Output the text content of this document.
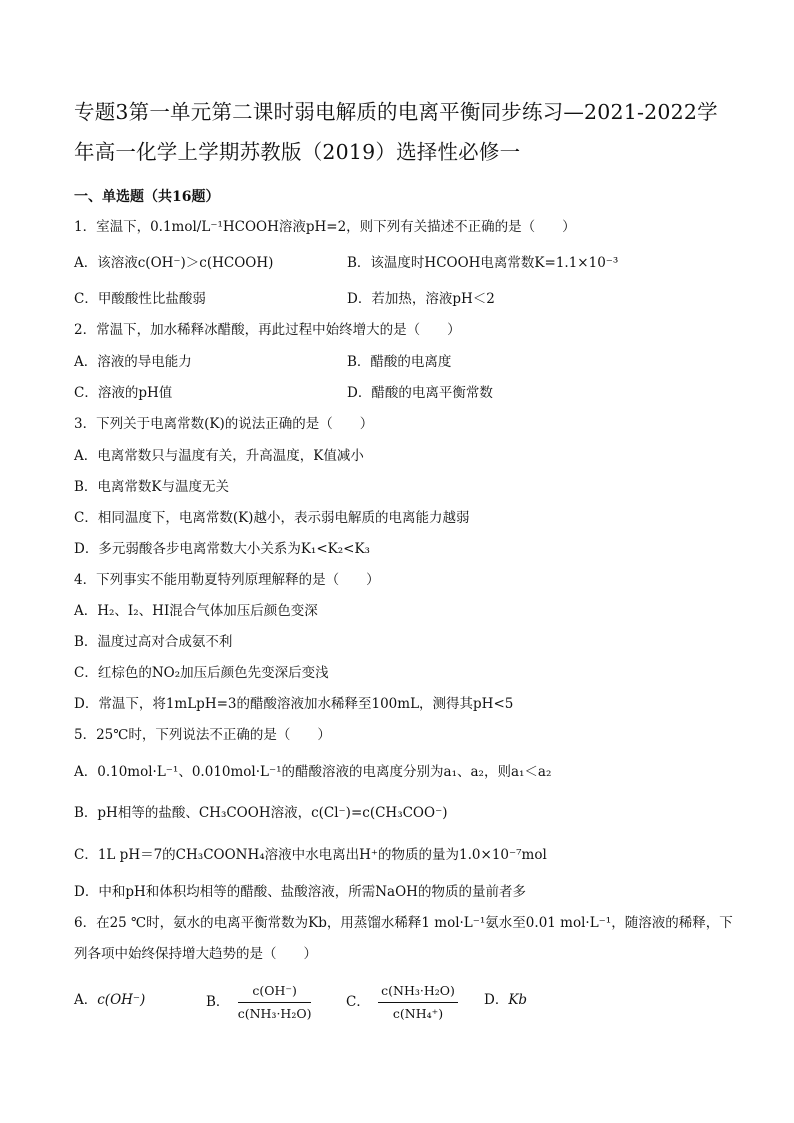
专题3第一单元第二课时弱电解质的电离平衡同步练习—2021-2022学
年高一化学上学期苏教版（2019）选择性必修一
一、单选题（共16题）
1．室温下，0.1mol/L⁻¹HCOOH溶液pH=2，则下列有关描述不正确的是（　　）
A．该溶液c(OH⁻)＞c(HCOOH)	B．该温度时HCOOH电离常数K=1.1×10⁻³
C．甲酸酸性比盐酸弱	D．若加热，溶液pH＜2
2．常温下，加水稀释冰醋酸，再此过程中始终增大的是（　　）
A．溶液的导电能力	B．醋酸的电离度
C．溶液的pH值	D．醋酸的电离平衡常数
3．下列关于电离常数(K)的说法正确的是（　　）
A．电离常数只与温度有关，升高温度，K值减小
B．电离常数K与温度无关
C．相同温度下，电离常数(K)越小，表示弱电解质的电离能力越弱
D．多元弱酸各步电离常数大小关系为K₁<K₂<K₃
4．下列事实不能用勒夏特列原理解释的是（　　）
A．H₂、I₂、HI混合气体加压后颜色变深
B．温度过高对合成氨不利
C．红棕色的NO₂加压后颜色先变深后变浅
D．常温下，将1mLpH=3的醋酸溶液加水稀释至100mL，测得其pH<5
5．25℃时，下列说法不正确的是（　　）
A．0.10mol·L⁻¹、0.010mol·L⁻¹的醋酸溶液的电离度分别为a₁、a₂，则a₁＜a₂
B．pH相等的盐酸、CH₃COOH溶液，c(Cl⁻)=c(CH₃COO⁻)
C．1L pH＝7的CH₃COONH₄溶液中水电离出H⁺的物质的量为1.0×10⁻⁷mol
D．中和pH和体积均相等的醋酸、盐酸溶液，所需NaOH的物质的量前者多
6．在25 ℃时，氨水的电离平衡常数为Kb，用蒸馏水稀释1 mol·L⁻¹氨水至0.01 mol·L⁻¹，随溶液的稀释，下
列各项中始终保持增大趋势的是（　　）
A．c(OH⁻)	B． $\frac{c(OH^-)}{\text{c(NH₃·H₂O)}}$	C． $\frac{\text{c(NH₃·H₂O)}}{\text{c(NH₄⁺)}}$ D．Kb
